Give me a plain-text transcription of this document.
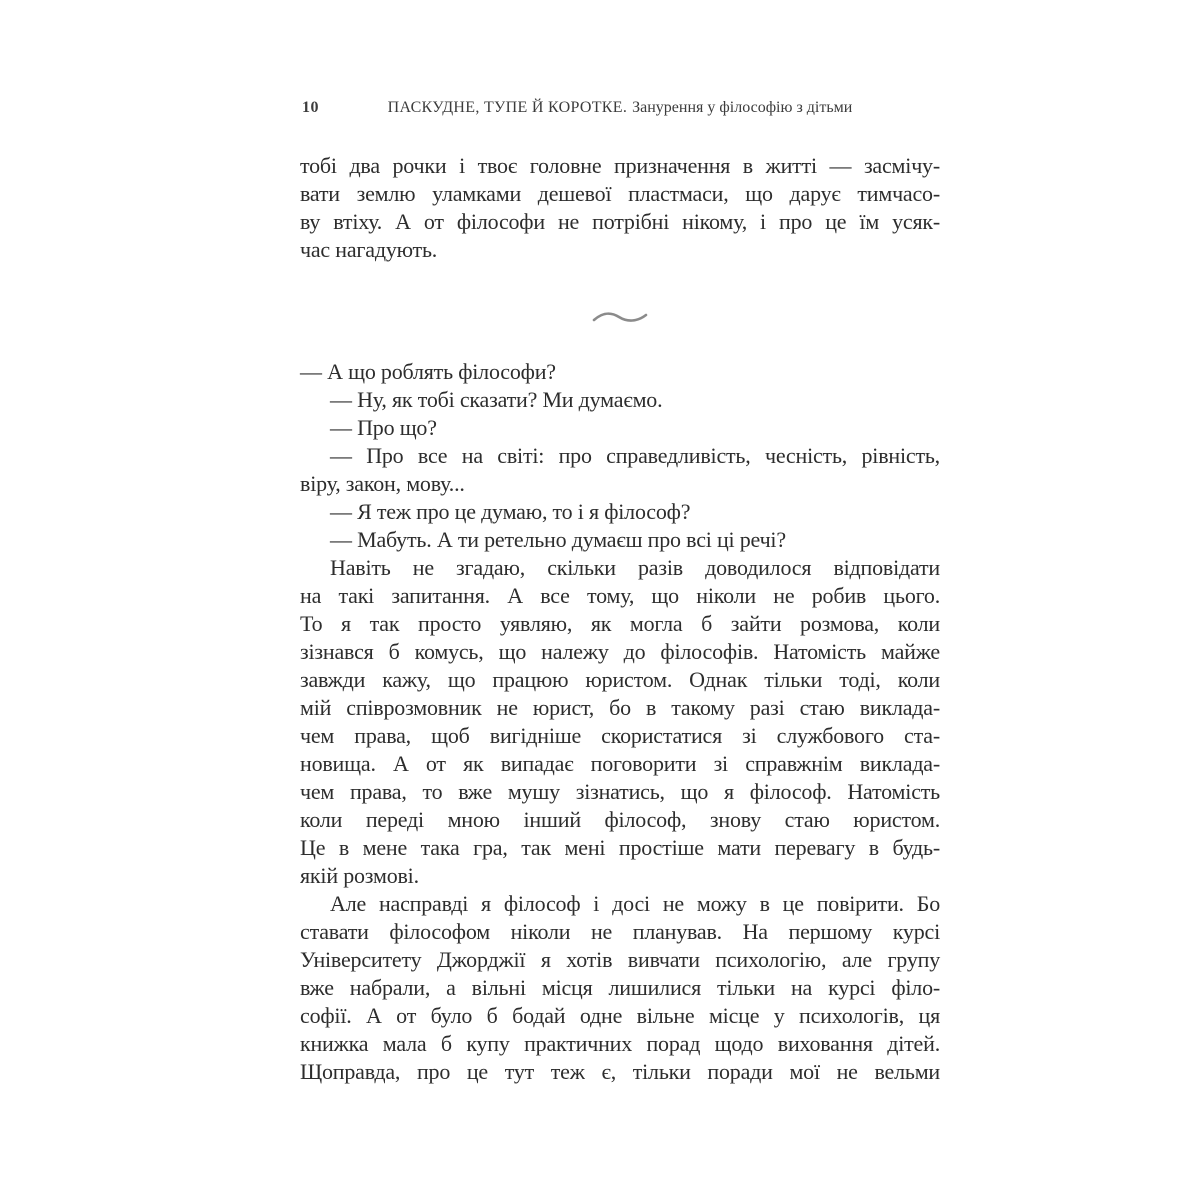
10	ПАСКУДНЕ, ТУПЕ Й КОРОТКЕ. Занурення у філософію з дітьми
тобі два рочки і твоє головне призначення в житті — засмічу-
вати землю уламками дешевої пластмаси, що дарує тимчасо-
ву втіху. А от філософи не потрібні нікому, і про це їм усяк-
час нагадують.
— А що роблять філософи?
— Ну, як тобі сказати? Ми думаємо.
— Про що?
— Про все на світі: про справедливість, чесність, рівність,
віру, закон, мову...
— Я теж про це думаю, то і я філософ?
— Мабуть. А ти ретельно думаєш про всі ці речі?
Навіть не згадаю, скільки разів доводилося відповідати
на такі запитання. А все тому, що ніколи не робив цього.
То я так просто уявляю, як могла б зайти розмова, коли
зізнався б комусь, що належу до філософів. Натомість майже
завжди кажу, що працюю юристом. Однак тільки тоді, коли
мій співрозмовник не юрист, бо в такому разі стаю виклада-
чем права, щоб вигідніше скористатися зі службового ста-
новища. А от як випадає поговорити зі справжнім виклада-
чем права, то вже мушу зізнатись, що я філософ. Натомість
коли переді мною інший філософ, знову стаю юристом.
Це в мене така гра, так мені простіше мати перевагу в будь-
якій розмові.
Але насправді я філософ і досі не можу в це повірити. Бо
ставати філософом ніколи не планував. На першому курсі
Університету Джорджії я хотів вивчати психологію, але групу
вже набрали, а вільні місця лишилися тільки на курсі філо-
софії. А от було б бодай одне вільне місце у психологів, ця
книжка мала б купу практичних порад щодо виховання дітей.
Щоправда, про це тут теж є, тільки поради мої не вельми
